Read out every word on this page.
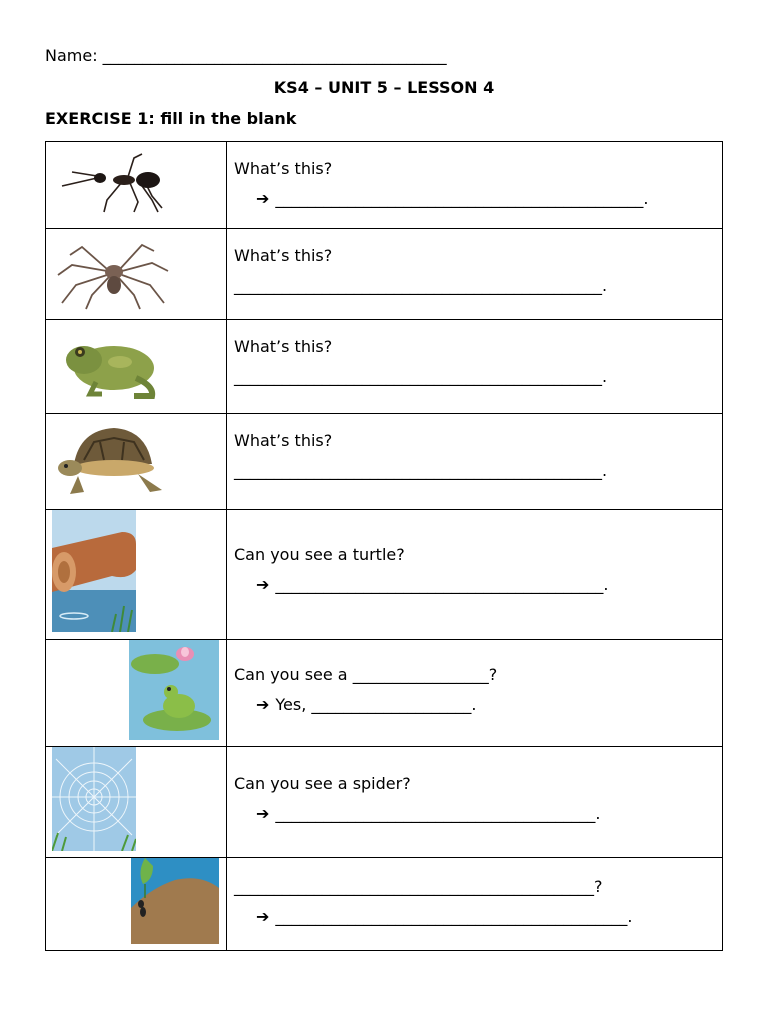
Name: ___________________________________________
KS4 – UNIT 5 – LESSON 4
EXERCISE 1: fill in the blank

What’s this?
➔ ______________________________________________.

What’s this?
______________________________________________.

What’s this?
______________________________________________.

What’s this?
______________________________________________.

Can you see a turtle?
➔ _________________________________________.

Can you see a _________________?
➔ Yes, ____________________.

Can you see a spider?
➔ ________________________________________.

_____________________________________________?
➔ ____________________________________________.
